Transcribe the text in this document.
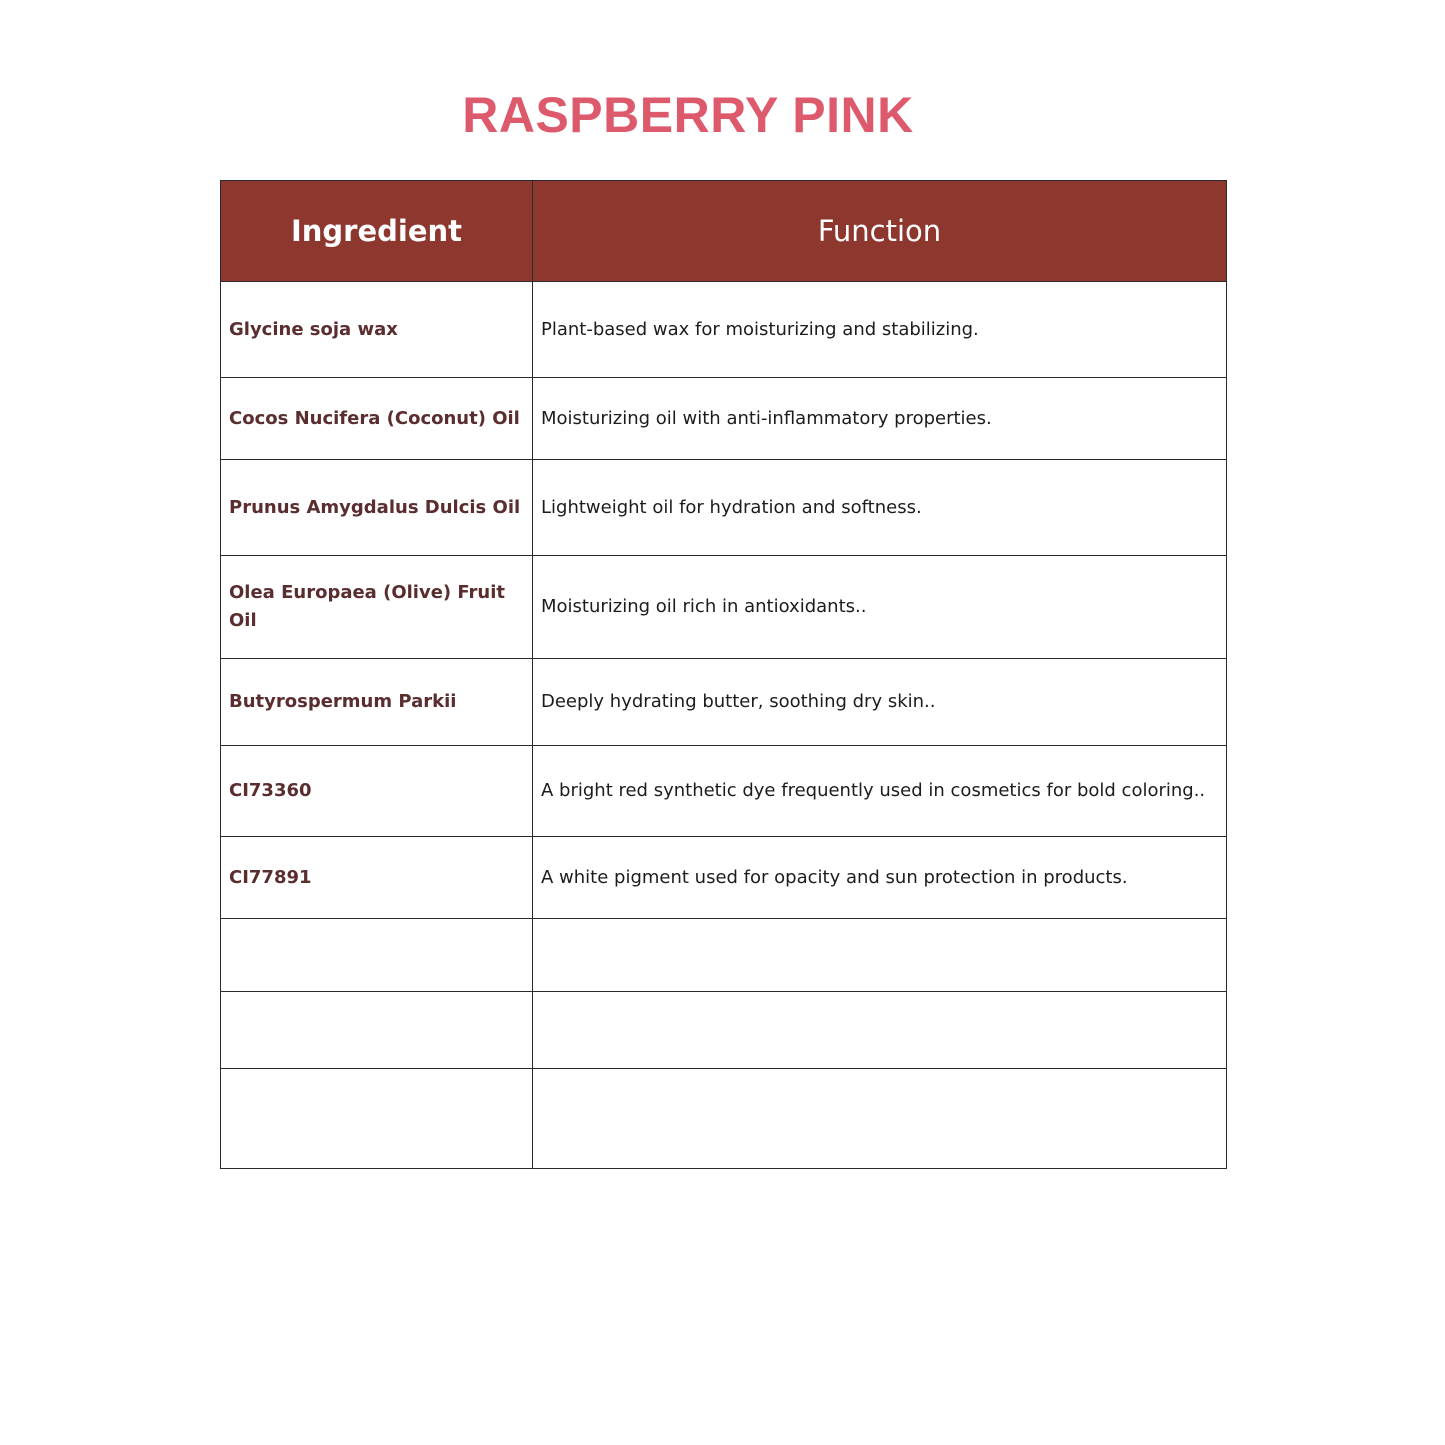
RASPBERRY PINK
Ingredient	Function
Glycine soja wax	Plant-based wax for moisturizing and stabilizing.
Cocos Nucifera (Coconut) Oil	Moisturizing oil with anti-inflammatory properties.
Prunus Amygdalus Dulcis Oil	Lightweight oil for hydration and softness.
Olea Europaea (Olive) Fruit Oil	Moisturizing oil rich in antioxidants..
Butyrospermum Parkii	Deeply hydrating butter, soothing dry skin..
CI73360	A bright red synthetic dye frequently used in cosmetics for bold coloring..
CI77891	A white pigment used for opacity and sun protection in products.
